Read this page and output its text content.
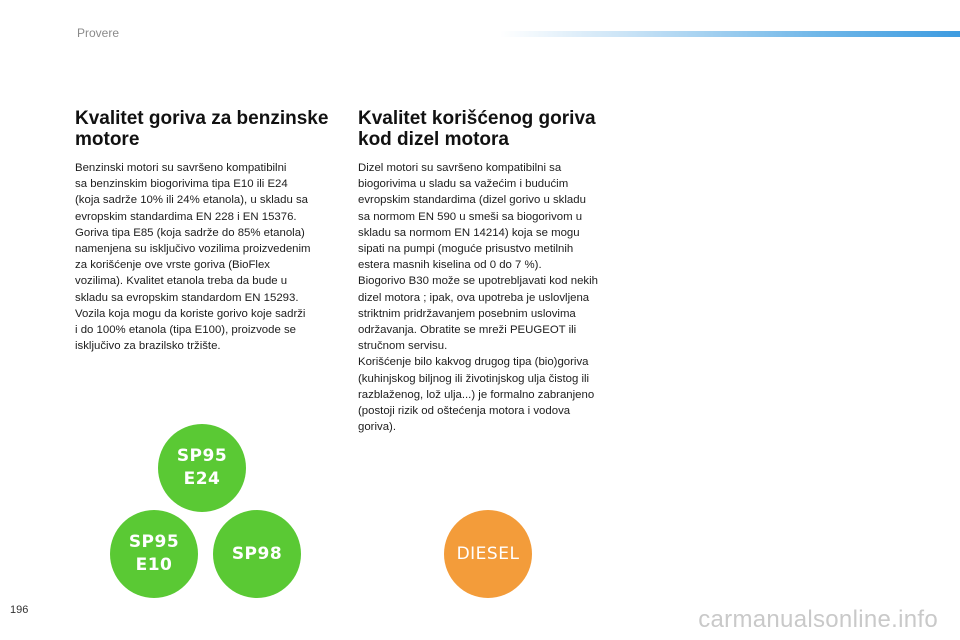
Provere
Kvalitet goriva za benzinske motore

Benzinski motori su savršeno kompatibilni
sa benzinskim biogorivima tipa E10 ili E24
(koja sadrže 10% ili 24% etanola), u skladu sa
evropskim standardima EN 228 i EN 15376.
Goriva tipa E85 (koja sadrže do 85% etanola)
namenjena su isključivo vozilima proizvedenim
za korišćenje ove vrste goriva (BioFlex
vozilima). Kvalitet etanola treba da bude u
skladu sa evropskim standardom EN 15293.
Vozila koja mogu da koriste gorivo koje sadrži
i do 100% etanola (tipa E100), proizvode se
isključivo za brazilsko tržište.

Kvalitet korišćenog goriva kod dizel motora

Dizel motori su savršeno kompatibilni sa
biogorivima u sladu sa važećim i budućim
evropskim standardima (dizel gorivo u skladu
sa normom EN 590 u smeši sa biogorivom u
skladu sa normom EN 14214) koja se mogu
sipati na pumpi (moguće prisustvo metilnih
estera masnih kiselina od 0 do 7 %).
Biogorivo B30 može se upotrebljavati kod nekih
dizel motora ; ipak, ova upotreba je uslovljena
striktnim pridržavanjem posebnim uslovima
održavanja. Obratite se mreži PEUGEOT ili
stručnom servisu.
Korišćenje bilo kakvog drugog tipa (bio)goriva
(kuhinjskog biljnog ili životinjskog ulja čistog ili
razblaženog, lož ulja...) je formalno zabranjeno
(postoji rizik od oštećenja motora i vodova
goriva).

SP95
E24
SP95
E10
SP98	DIESEL
196	carmanualsonline.info
